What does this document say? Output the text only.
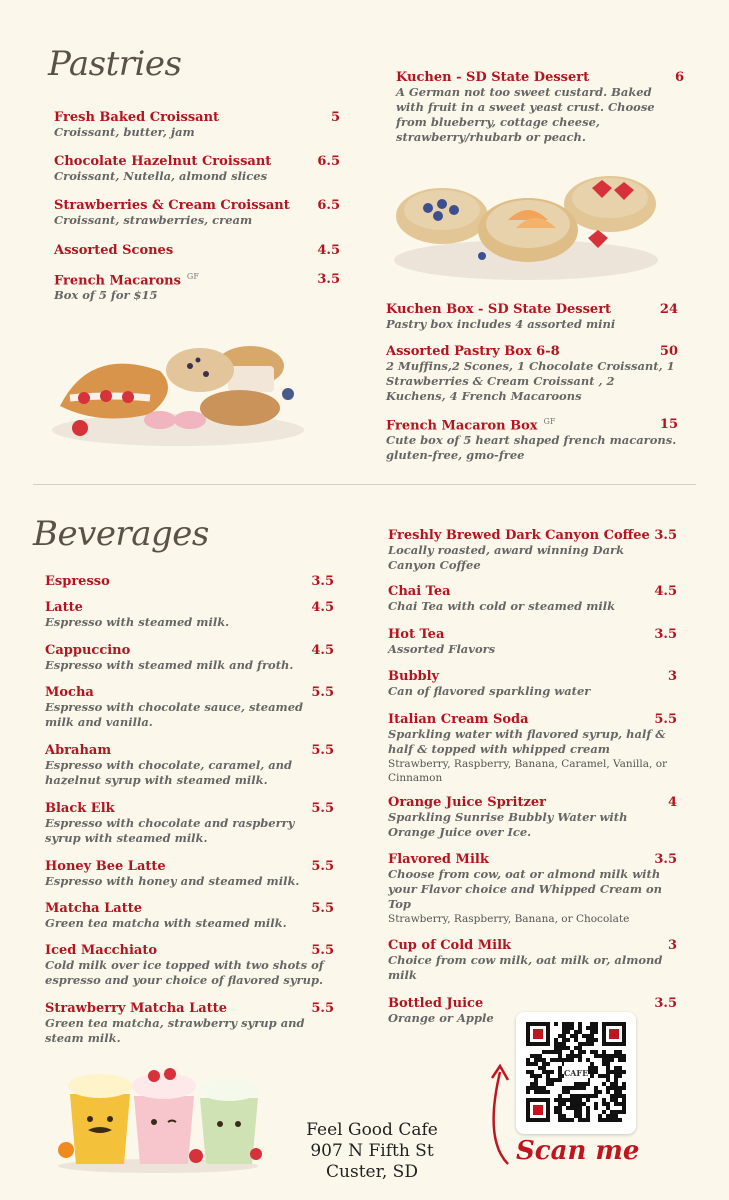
Pastries
Fresh Baked Croissant	5
Croissant, butter, jam
Chocolate Hazelnut Croissant	6.5
Croissant, Nutella, almond slices
Strawberries & Cream Croissant	6.5
Croissant, strawberries, cream
Assorted Scones	4.5
French Macarons $^{GF}$	3.5
Box of 5 for $15
Kuchen - SD State Dessert	6
A German not too sweet custard. Baked with fruit in a sweet yeast crust. Choose from blueberry, cottage cheese, strawberry/rhubarb or peach.
Kuchen Box - SD State Dessert	24
Pastry box includes 4 assorted mini
Assorted Pastry Box 6-8	50
2 Muffins,2 Scones, 1 Chocolate Croissant, 1 Strawberries & Cream Croissant , 2 Kuchens, 4 French Macaroons
French Macaron Box $^{GF}$	15
Cute box of 5 heart shaped french macarons. gluten-free, gmo-free
Beverages
Espresso	3.5
Latte	4.5
Espresso with steamed milk.
Cappuccino	4.5
Espresso with steamed milk and froth.
Mocha	5.5
Espresso with chocolate sauce, steamed milk and vanilla.
Abraham	5.5
Espresso with chocolate, caramel, and hazelnut syrup with steamed milk.
Black Elk	5.5
Espresso with chocolate and raspberry syrup with steamed milk.
Honey Bee Latte	5.5
Espresso with honey and steamed milk.
Matcha Latte	5.5
Green tea matcha with steamed milk.
Iced Macchiato	5.5
Cold milk over ice topped with two shots of espresso and your choice of flavored syrup.
Strawberry Matcha Latte	5.5
Green tea matcha, strawberry syrup and steam milk.
Freshly Brewed Dark Canyon Coffee 3.5
Locally roasted, award winning Dark Canyon Coffee
Chai Tea	4.5
Chai Tea with cold or steamed milk
Hot Tea	3.5
Assorted Flavors
Bubbly	3
Can of flavored sparkling water
Italian Cream Soda	5.5
Sparkling water with flavored syrup, half & half & topped with whipped cream
Strawberry, Raspberry, Banana, Caramel, Vanilla, or Cinnamon
Orange Juice Spritzer	4
Sparkling Sunrise Bubbly Water with Orange Juice over Ice.
Flavored Milk	3.5
Choose from cow, oat or almond milk with your Flavor choice and Whipped Cream on Top
Strawberry, Raspberry, Banana, or Chocolate
Cup of Cold Milk	3
Choice from cow milk, oat milk or, almond milk
Bottled Juice	3.5
Orange or Apple
Feel Good Cafe
907 N Fifth St
Custer, SD
CAFE
Scan me
